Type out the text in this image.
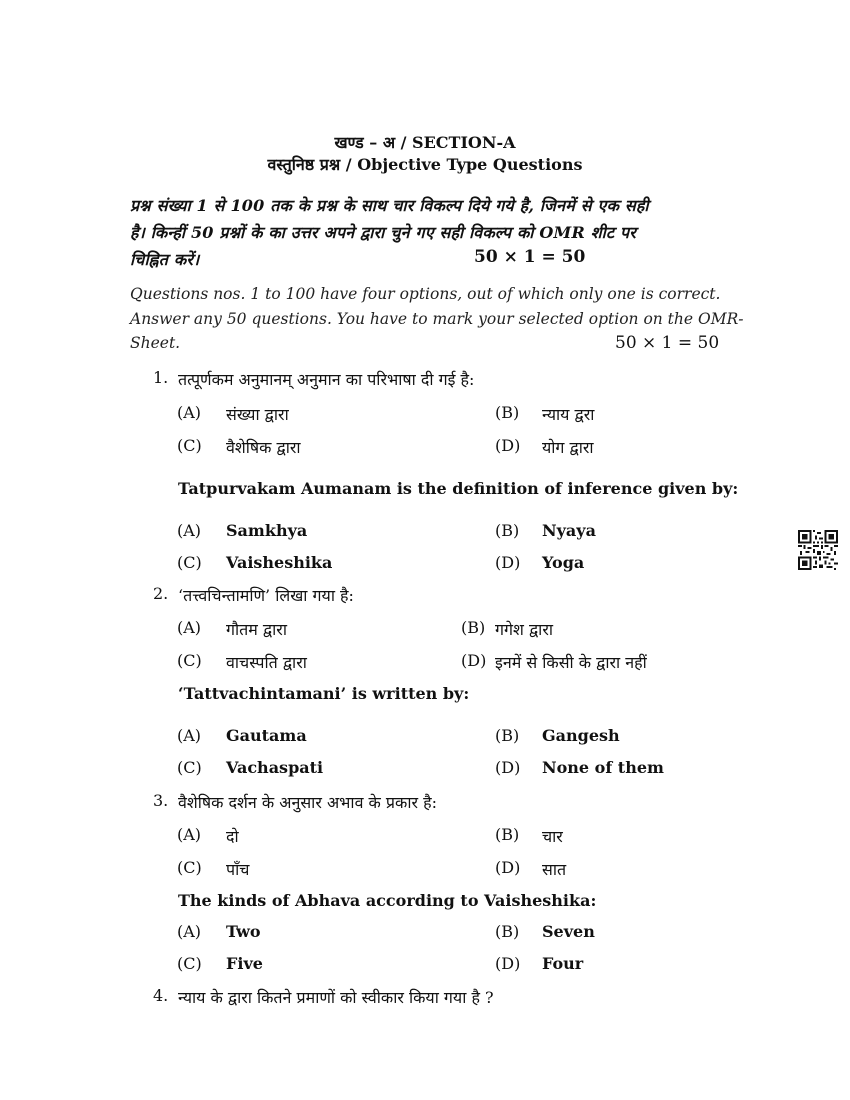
खण्ड – अ / SECTION-A
वस्तुनिष्ठ प्रश्न / Objective Type Questions
प्रश्न संख्या 1 से 100 तक के प्रश्न के साथ चार विकल्प दिये गये है, जिनमें से एक सही
है। किन्हीं 50 प्रश्नों के का उत्तर अपने द्वारा चुने गए सही विकल्प को OMR शीट पर
चिह्नित करें।	50 × 1 = 50
Questions nos. 1 to 100 have four options, out of which only one is correct.
Answer any 50 questions. You have to mark your selected option on the OMR-
Sheet.	50 × 1 = 50
1. तत्पूर्णकम अनुमानम् अनुमान का परिभाषा दी गई है:
(A) संख्या द्वारा	(B) न्याय द्वरा
(C) वैशेषिक द्वारा	(D) योग द्वारा
Tatpurvakam Aumanam is the definition of inference given by:
(A) Samkhya	(B) Nyaya
(C) Vaisheshika	(D) Yoga
2. ‘तत्त्वचिन्तामणि’ लिखा गया है:
(A) गौतम द्वारा	(B) गगेश द्वारा
(C) वाचस्पति द्वारा	(D) इनमें से किसी के द्वारा नहीं
‘Tattvachintamani’ is written by:
(A) Gautama	(B) Gangesh
(C) Vachaspati	(D) None of them
3. वैशेषिक दर्शन के अनुसार अभाव के प्रकार है:
(A) दो	(B) चार
(C) पाँच	(D) सात
The kinds of Abhava according to Vaisheshika:
(A) Two	(B) Seven
(C) Five	(D) Four
4. न्याय के द्वारा कितने प्रमाणों को स्वीकार किया गया है ?
